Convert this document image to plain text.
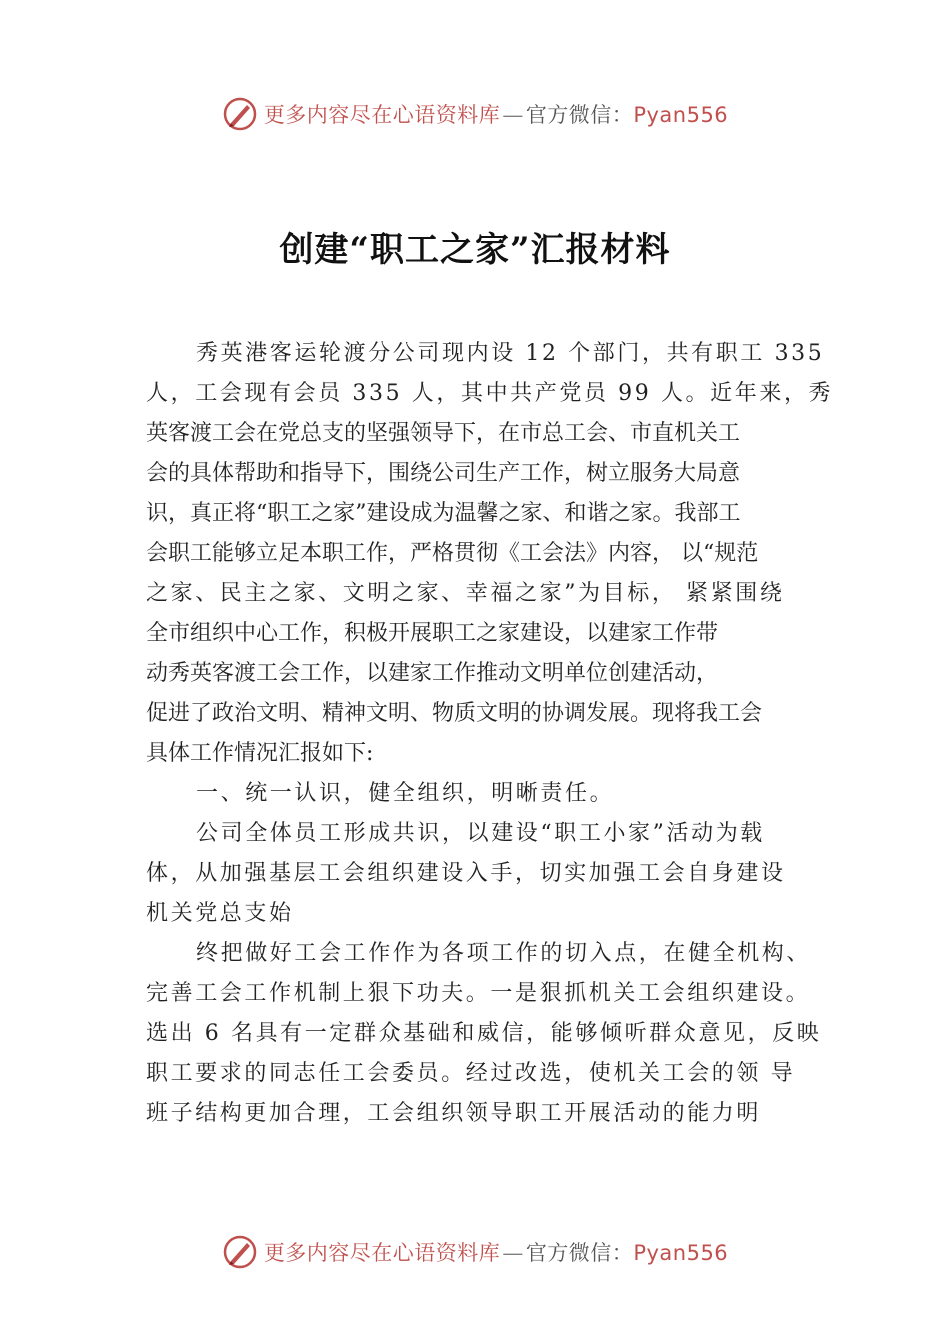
更多内容尽在心语资料库—官方微信：Pyan556
创建“职工之家”汇报材料
秀英港客运轮渡分公司现内设 12 个部门，共有职工 335
人，工会现有会员 335 人，其中共产党员 99 人。近年来，秀
英客渡工会在党总支的坚强领导下，在市总工会、市直机关工
会的具体帮助和指导下，围绕公司生产工作，树立服务大局意
识，真正将“职工之家”建设成为温馨之家、和谐之家。我部工
会职工能够立足本职工作，严格贯彻《工会法》内容， 以“规范
之家、民主之家、文明之家、幸福之家”为目标， 紧紧围绕
全市组织中心工作，积极开展职工之家建设，以建家工作带
动秀英客渡工会工作，以建家工作推动文明单位创建活动，
促进了政治文明、精神文明、物质文明的协调发展。现将我工会
具体工作情况汇报如下:
一、统一认识，健全组织，明晰责任。
公司全体员工形成共识，以建设“职工小家”活动为载
体，从加强基层工会组织建设入手，切实加强工会自身建设
机关党总支始
终把做好工会工作作为各项工作的切入点，在健全机构、
完善工会工作机制上狠下功夫。一是狠抓机关工会组织建设。
选出 6 名具有一定群众基础和威信，能够倾听群众意见，反映
职工要求的同志任工会委员。经过改选，使机关工会的领 导
班子结构更加合理，工会组织领导职工开展活动的能力明
更多内容尽在心语资料库—官方微信：Pyan556
